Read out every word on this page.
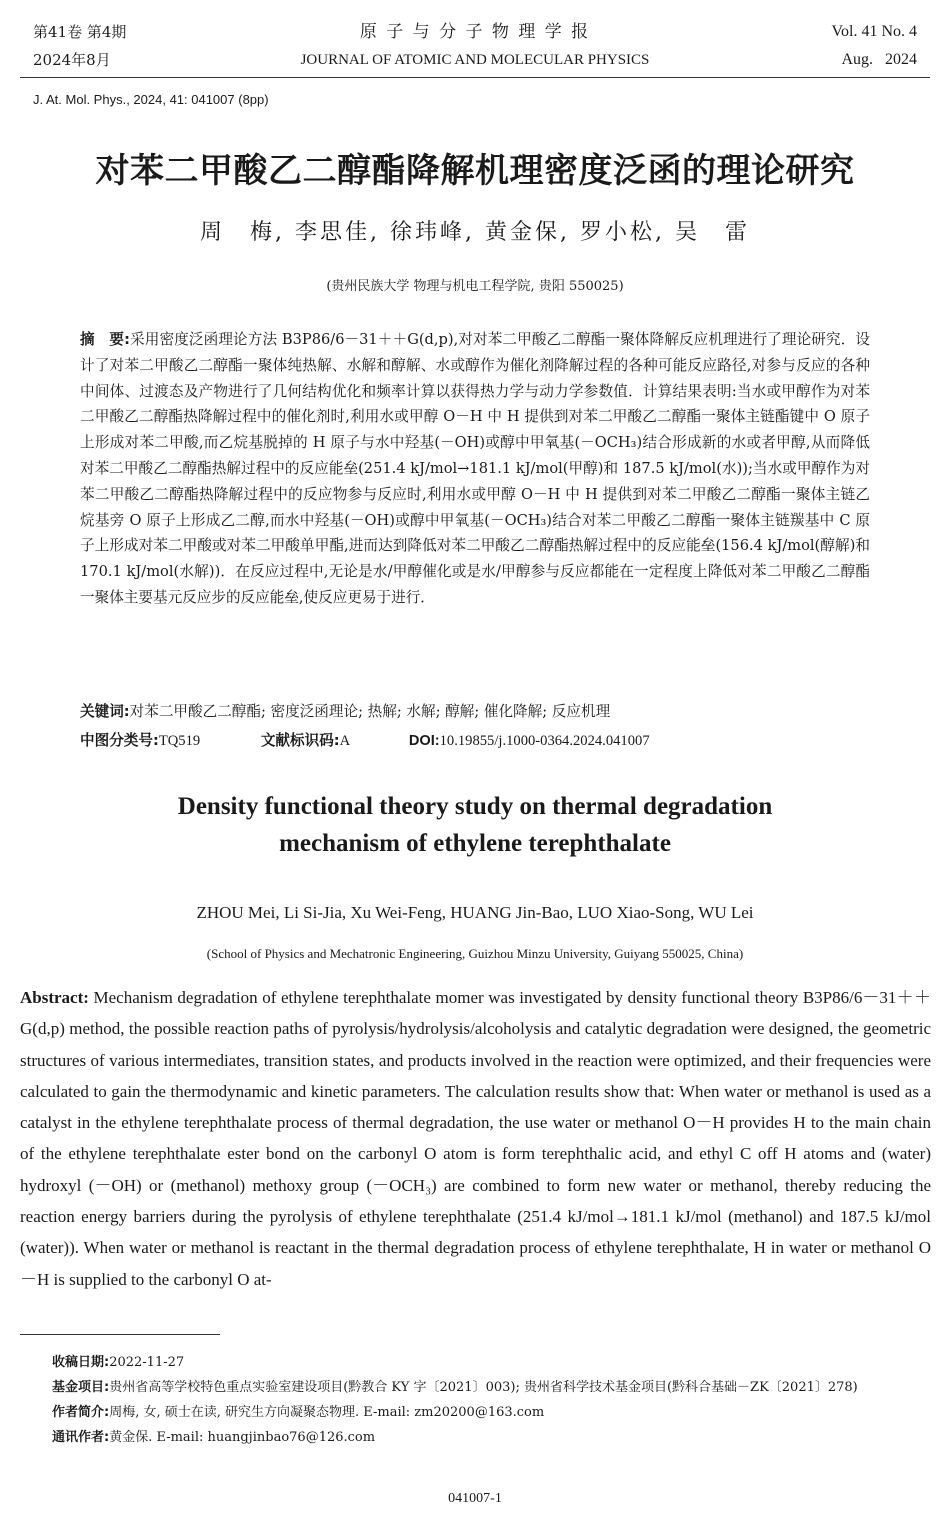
第41卷 第4期
2024年8月
原 子 与 分 子 物 理 学 报
JOURNAL OF ATOMIC AND MOLECULAR PHYSICS
Vol. 41 No. 4
Aug.   2024
J. At. Mol. Phys., 2024, 41: 041007 (8pp)
对苯二甲酸乙二醇酯降解机理密度泛函的理论研究
周　梅, 李思佳, 徐玮峰, 黄金保, 罗小松, 吴　雷
(贵州民族大学 物理与机电工程学院, 贵阳 550025)
摘　要:采用密度泛函理论方法 B3P86/6－31＋＋G(d,p),对对苯二甲酸乙二醇酯一聚体降解反应机理进行了理论研究．设计了对苯二甲酸乙二醇酯一聚体纯热解、水解和醇解、水或醇作为催化剂降解过程的各种可能反应路径,对参与反应的各种中间体、过渡态及产物进行了几何结构优化和频率计算以获得热力学与动力学参数值．计算结果表明:当水或甲醇作为对苯二甲酸乙二醇酯热降解过程中的催化剂时,利用水或甲醇 O－H 中 H 提供到对苯二甲酸乙二醇酯一聚体主链酯键中 O 原子上形成对苯二甲酸,而乙烷基脱掉的 H 原子与水中羟基(－OH)或醇中甲氧基(－OCH₃)结合形成新的水或者甲醇,从而降低对苯二甲酸乙二醇酯热解过程中的反应能垒(251.4 kJ/mol→181.1 kJ/mol(甲醇)和 187.5 kJ/mol(水));当水或甲醇作为对苯二甲酸乙二醇酯热降解过程中的反应物参与反应时,利用水或甲醇 O－H 中 H 提供到对苯二甲酸乙二醇酯一聚体主链乙烷基旁 O 原子上形成乙二醇,而水中羟基(－OH)或醇中甲氧基(－OCH₃)结合对苯二甲酸乙二醇酯一聚体主链羰基中 C 原子上形成对苯二甲酸或对苯二甲酸单甲酯,进而达到降低对苯二甲酸乙二醇酯热解过程中的反应能垒(156.4 kJ/mol(醇解)和 170.1 kJ/mol(水解))．在反应过程中,无论是水/甲醇催化或是水/甲醇参与反应都能在一定程度上降低对苯二甲酸乙二醇酯一聚体主要基元反应步的反应能垒,使反应更易于进行．
关键词:对苯二甲酸乙二醇酯; 密度泛函理论; 热解; 水解; 醇解; 催化降解; 反应机理
中图分类号:TQ519	文献标识码:A	DOI:10.19855/j.1000-0364.2024.041007
Density functional theory study on thermal degradation
mechanism of ethylene terephthalate
ZHOU Mei, Li Si-Jia, Xu Wei-Feng, HUANG Jin-Bao, LUO Xiao-Song, WU Lei
(School of Physics and Mechatronic Engineering, Guizhou Minzu University, Guiyang 550025, China)
Abstract: Mechanism degradation of ethylene terephthalate momer was investigated by density functional theory B3P86/6－31＋＋G(d,p) method, the possible reaction paths of pyrolysis/hydrolysis/alcoholysis and catalytic degradation were designed, the geometric structures of various intermediates, transition states, and products involved in the reaction were optimized, and their frequencies were calculated to gain the thermodynamic and kinetic parameters. The calculation results show that: When water or methanol is used as a catalyst in the ethylene terephthalate process of thermal degradation, the use water or methanol O－H provides H to the main chain of the ethylene terephthalate ester bond on the carbonyl O atom is form terephthalic acid, and ethyl C off H atoms and (water) hydroxyl (－OH) or (methanol) methoxy group (－OCH₃) are combined to form new water or methanol, thereby reducing the reaction energy barriers during the pyrolysis of ethylene terephthalate (251.4 kJ/mol→181.1 kJ/mol (methanol) and 187.5 kJ/mol (water)). When water or methanol is reactant in the thermal degradation process of ethylene terephthalate, H in water or methanol O－H is supplied to the carbonyl O at-
收稿日期: 2022-11-27
基金项目: 贵州省高等学校特色重点实验室建设项目(黔教合 KY 字〔2021〕003); 贵州省科学技术基金项目(黔科合基础－ZK〔2021〕278)
作者简介: 周梅, 女, 硕士在读, 研究生方向凝聚态物理. E-mail: zm20200@163.com
通讯作者: 黄金保. E-mail: huangjinbao76@126.com
041007-1
